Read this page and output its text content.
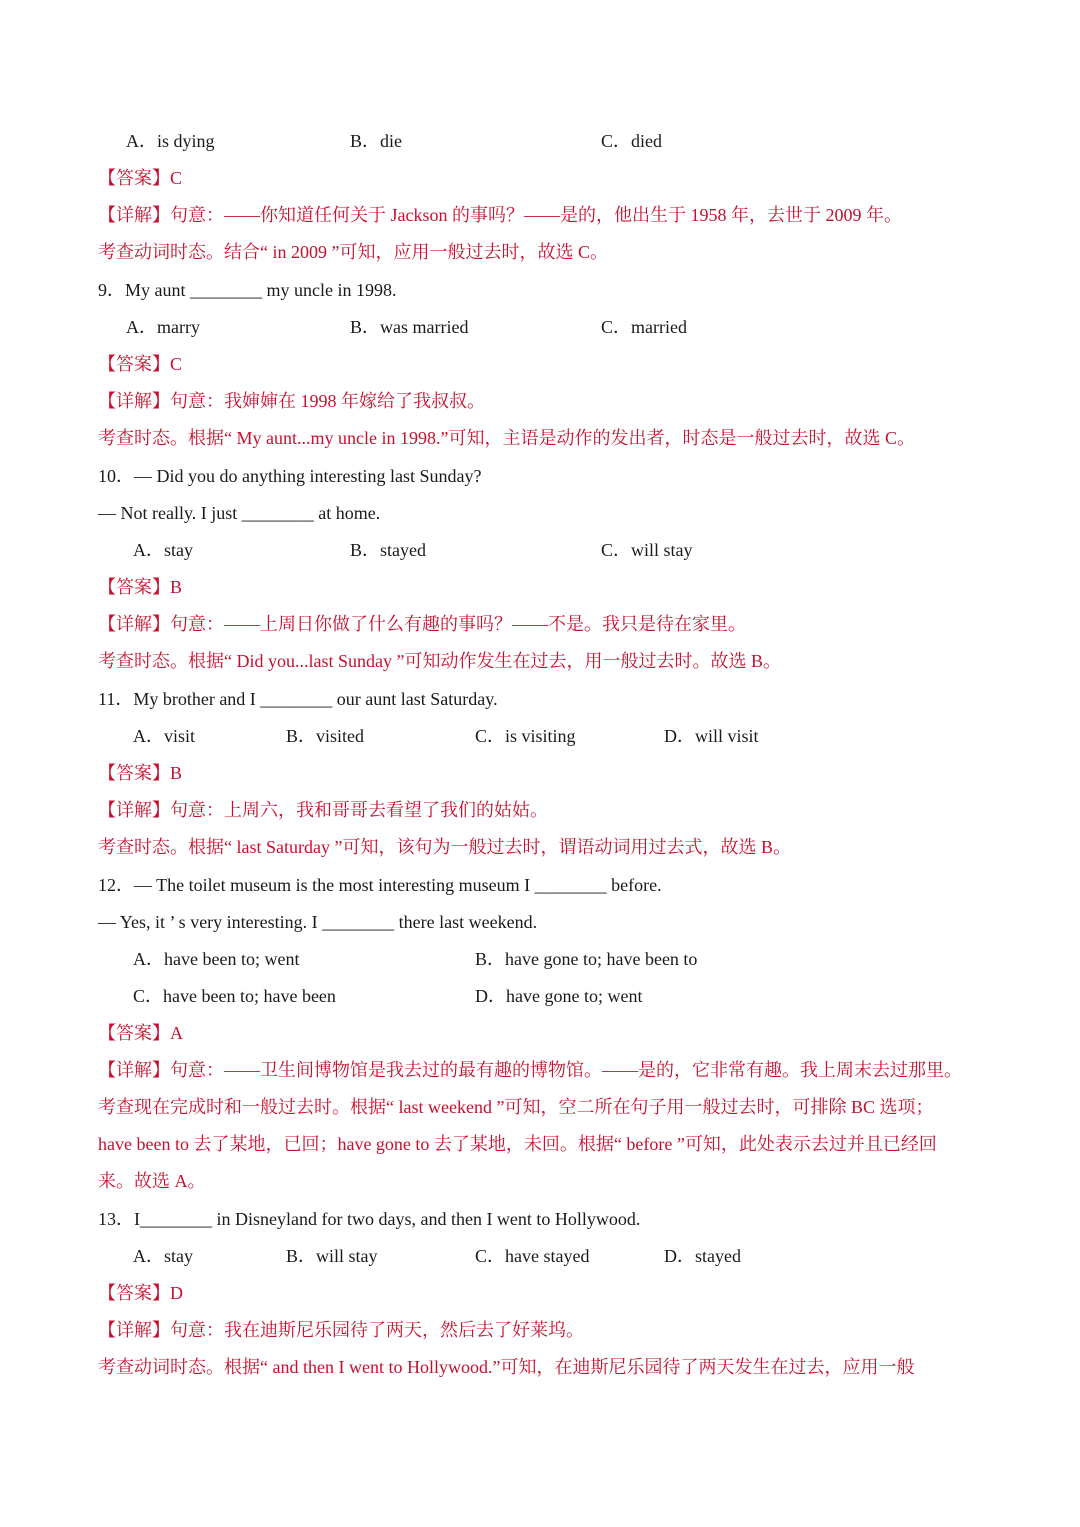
A．is dying	B．die	C．died
【答案】C
【详解】句意：——你知道任何关于 Jackson 的事吗？——是的，他出生于 1958 年，去世于 2009 年。
考查动词时态。结合“ in 2009 ”可知，应用一般过去时，故选 C。
9．My aunt ________ my uncle in 1998.
A．marry	B．was married	C．married
【答案】C
【详解】句意：我婶婶在 1998 年嫁给了我叔叔。
考查时态。根据“ My aunt...my uncle in 1998.”可知，主语是动作的发出者，时态是一般过去时，故选 C。
10．— Did you do anything interesting last Sunday?
— Not really. I just ________ at home.
A．stay	B．stayed	C．will stay
【答案】B
【详解】句意：——上周日你做了什么有趣的事吗？——不是。我只是待在家里。
考查时态。根据“ Did you...last Sunday ”可知动作发生在过去，用一般过去时。故选 B。
11．My brother and I ________ our aunt last Saturday.
A．visit	B．visited	C．is visiting	D．will visit
【答案】B
【详解】句意：上周六，我和哥哥去看望了我们的姑姑。
考查时态。根据“ last Saturday ”可知，该句为一般过去时，谓语动词用过去式，故选 B。
12．— The toilet museum is the most interesting museum I ________ before.
— Yes, it ’ s very interesting. I ________ there last weekend.
A．have been to; went	B．have gone to; have been to
C．have been to; have been	D．have gone to; went
【答案】A
【详解】句意：——卫生间博物馆是我去过的最有趣的博物馆。——是的，它非常有趣。我上周末去过那里。
考查现在完成时和一般过去时。根据“ last weekend ”可知，空二所在句子用一般过去时，可排除 BC 选项；
have been to 去了某地，已回；have gone to 去了某地，未回。根据“ before ”可知，此处表示去过并且已经回
来。故选 A。
13．I________ in Disneyland for two days, and then I went to Hollywood.
A．stay	B．will stay	C．have stayed	D．stayed
【答案】D
【详解】句意：我在迪斯尼乐园待了两天，然后去了好莱坞。
考查动词时态。根据“ and then I went to Hollywood.”可知，在迪斯尼乐园待了两天发生在过去，应用一般
